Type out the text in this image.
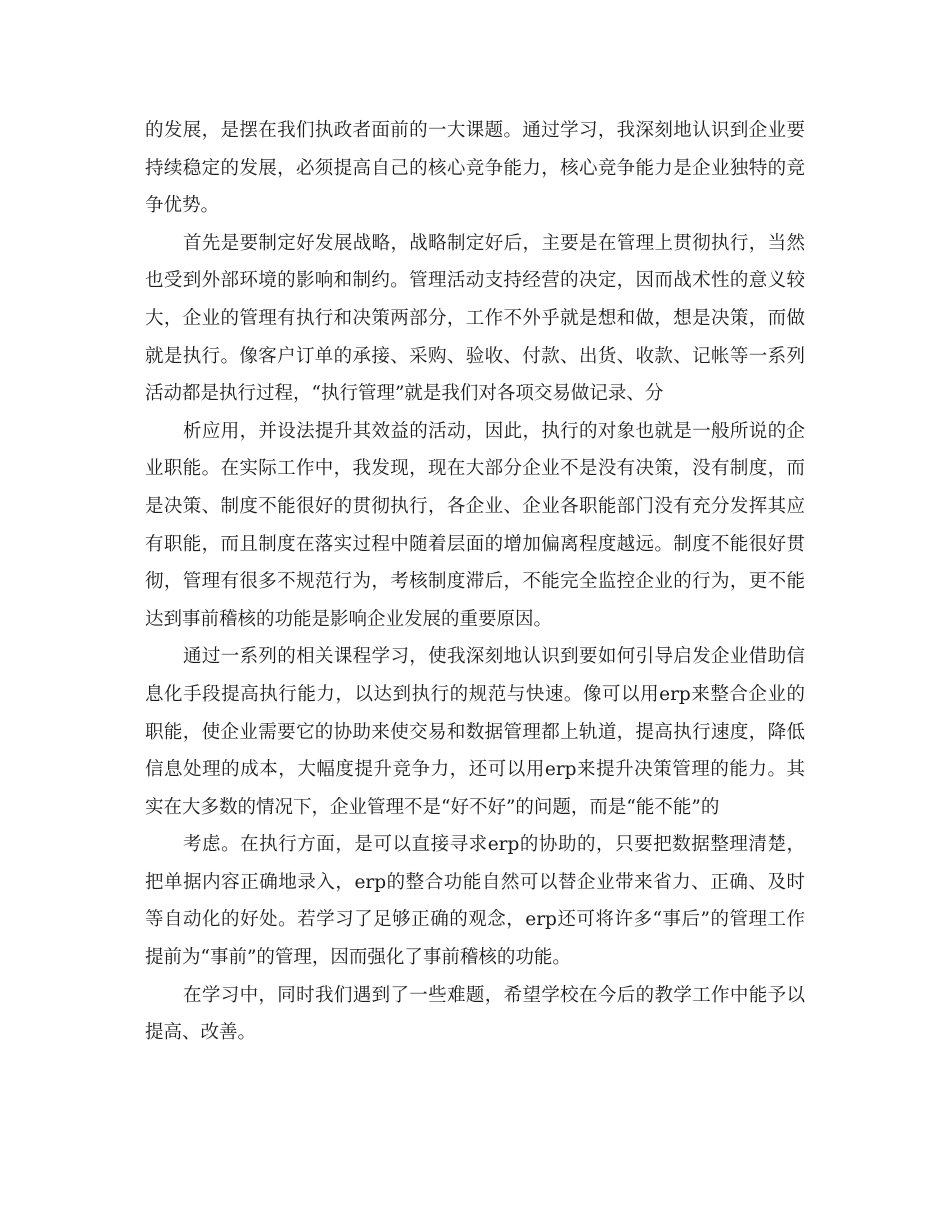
的发展，是摆在我们执政者面前的一大课题。通过学习，我深刻地认识到企业要持续稳定的发展，必须提高自己的核心竞争能力，核心竞争能力是企业独特的竞争优势。

首先是要制定好发展战略，战略制定好后，主要是在管理上贯彻执行，当然也受到外部环境的影响和制约。管理活动支持经营的决定，因而战术性的意义较大，企业的管理有执行和决策两部分，工作不外乎就是想和做，想是决策，而做就是执行。像客户订单的承接、采购、验收、付款、出货、收款、记帐等一系列活动都是执行过程，“执行管理”就是我们对各项交易做记录、分

析应用，并设法提升其效益的活动，因此，执行的对象也就是一般所说的企业职能。在实际工作中，我发现，现在大部分企业不是没有决策，没有制度，而是决策、制度不能很好的贯彻执行，各企业、企业各职能部门没有充分发挥其应有职能，而且制度在落实过程中随着层面的增加偏离程度越远。制度不能很好贯彻，管理有很多不规范行为，考核制度滞后，不能完全监控企业的行为，更不能达到事前稽核的功能是影响企业发展的重要原因。

通过一系列的相关课程学习，使我深刻地认识到要如何引导启发企业借助信息化手段提高执行能力，以达到执行的规范与快速。像可以用erp来整合企业的职能，使企业需要它的协助来使交易和数据管理都上轨道，提高执行速度，降低信息处理的成本，大幅度提升竞争力，还可以用erp来提升决策管理的能力。其实在大多数的情况下，企业管理不是“好不好”的问题，而是“能不能”的

考虑。在执行方面，是可以直接寻求erp的协助的，只要把数据整理清楚，把单据内容正确地录入，erp的整合功能自然可以替企业带来省力、正确、及时等自动化的好处。若学习了足够正确的观念，erp还可将许多“事后”的管理工作提前为“事前”的管理，因而强化了事前稽核的功能。

在学习中，同时我们遇到了一些难题，希望学校在今后的教学工作中能予以提高、改善。
